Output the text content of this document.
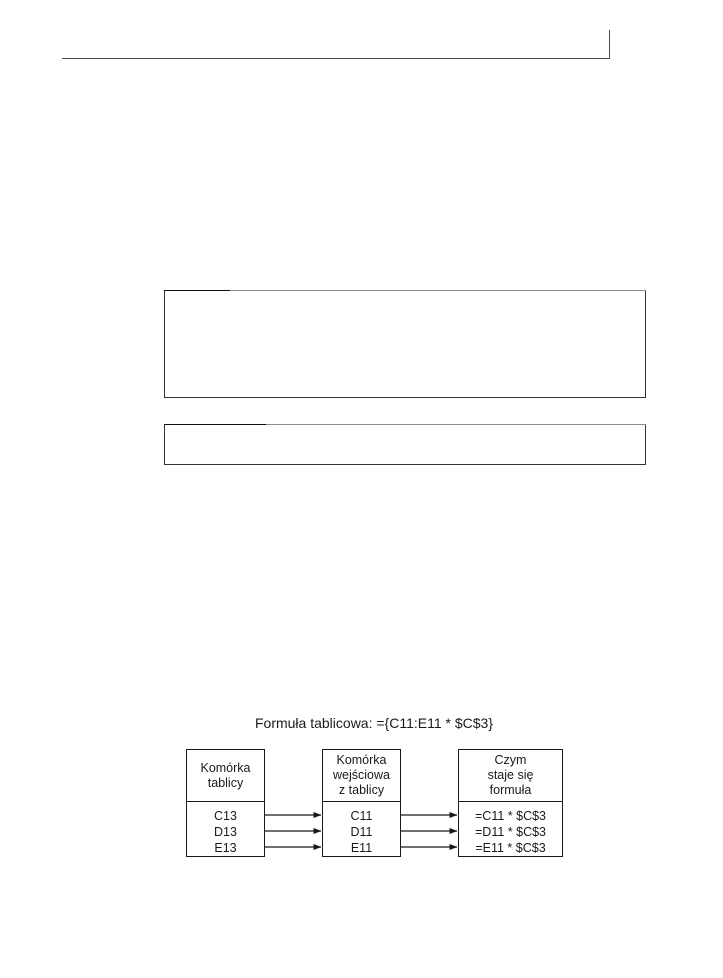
Formuła tablicowa: ={C11:E11 * $C$3}
Komórka
tablicy
C13
D13
E13
Komórka
wejściowa
z tablicy
C11
D11
E11
Czym
staje się
formuła
=C11 * $C$3
=D11 * $C$3
=E11 * $C$3
